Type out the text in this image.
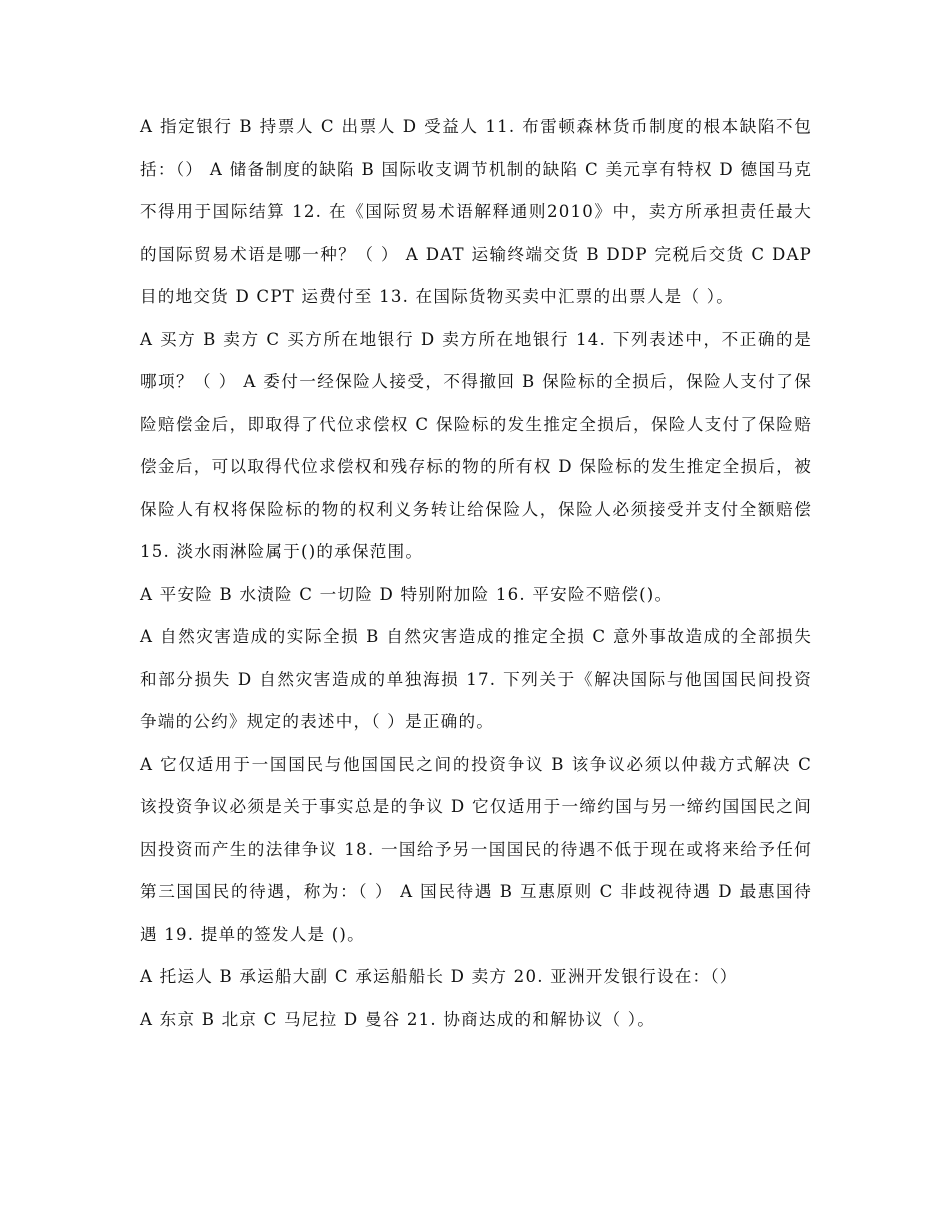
A 指定银行 B 持票人 C 出票人 D 受益人 11. 布雷顿森林货币制度的根本缺陷不包括：（） A 储备制度的缺陷 B 国际收支调节机制的缺陷 C 美元享有特权 D 德国马克不得用于国际结算 12. 在《国际贸易术语解释通则2010》中，卖方所承担责任最大的国际贸易术语是哪一种？（ ） A DAT 运输终端交货 B DDP 完税后交货 C DAP 目的地交货 D CPT 运费付至 13. 在国际货物买卖中汇票的出票人是（ ）。

A 买方 B 卖方 C 买方所在地银行 D 卖方所在地银行 14. 下列表述中，不正确的是哪项？（ ） A 委付一经保险人接受，不得撤回 B 保险标的全损后，保险人支付了保险赔偿金后，即取得了代位求偿权 C 保险标的发生推定全损后，保险人支付了保险赔偿金后，可以取得代位求偿权和残存标的物的所有权 D 保险标的发生推定全损后，被保险人有权将保险标的物的权利义务转让给保险人，保险人必须接受并支付全额赔偿 15. 淡水雨淋险属于()的承保范围。

A 平安险 B 水渍险 C 一切险 D 特别附加险 16. 平安险不赔偿()。

A 自然灾害造成的实际全损 B 自然灾害造成的推定全损 C 意外事故造成的全部损失和部分损失 D 自然灾害造成的单独海损 17. 下列关于《解决国际与他国国民间投资争端的公约》规定的表述中，（ ）是正确的。

A 它仅适用于一国国民与他国国民之间的投资争议 B 该争议必须以仲裁方式解决 C 该投资争议必须是关于事实总是的争议 D 它仅适用于一缔约国与另一缔约国国民之间因投资而产生的法律争议 18. 一国给予另一国国民的待遇不低于现在或将来给予任何第三国国民的待遇，称为：（ ） A 国民待遇 B 互惠原则 C 非歧视待遇 D 最惠国待遇 19. 提单的签发人是 ()。

A 托运人 B 承运船大副 C 承运船船长 D 卖方 20. 亚洲开发银行设在：（）

A 东京 B 北京 C 马尼拉 D 曼谷 21. 协商达成的和解协议（ ）。
